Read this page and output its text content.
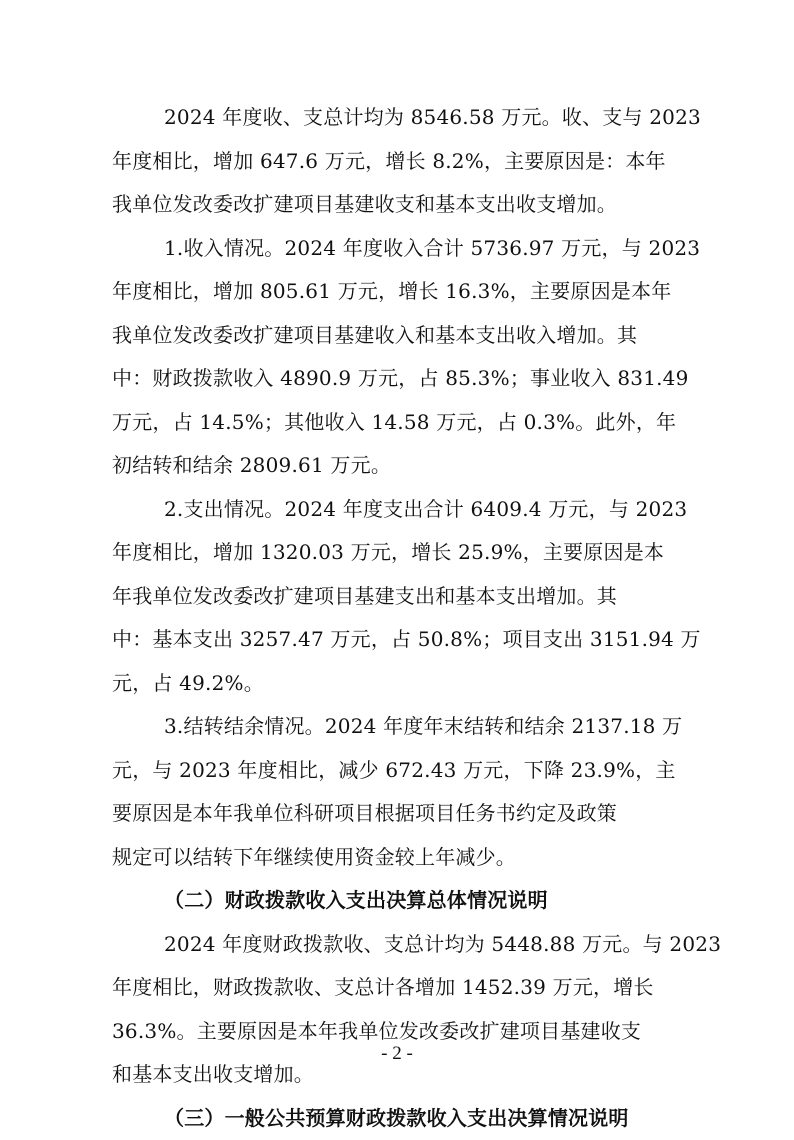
2024 年度收、支总计均为 8546.58 万元。收、支与 2023
年度相比，增加 647.6 万元，增长 8.2%，主要原因是：本年
我单位发改委改扩建项目基建收支和基本支出收支增加。
1.收入情况。2024 年度收入合计 5736.97 万元，与 2023
年度相比，增加 805.61 万元，增长 16.3%，主要原因是本年
我单位发改委改扩建项目基建收入和基本支出收入增加。其
中：财政拨款收入 4890.9 万元，占 85.3%；事业收入 831.49
万元，占 14.5%；其他收入 14.58 万元，占 0.3%。此外，年
初结转和结余 2809.61 万元。
2.支出情况。2024 年度支出合计 6409.4 万元，与 2023
年度相比，增加 1320.03 万元，增长 25.9%，主要原因是本
年我单位发改委改扩建项目基建支出和基本支出增加。其
中：基本支出 3257.47 万元，占 50.8%；项目支出 3151.94 万
元，占 49.2%。
3.结转结余情况。2024 年度年末结转和结余 2137.18 万
元，与 2023 年度相比，减少 672.43 万元，下降 23.9%，主
要原因是本年我单位科研项目根据项目任务书约定及政策
规定可以结转下年继续使用资金较上年减少。
（二）财政拨款收入支出决算总体情况说明
2024 年度财政拨款收、支总计均为 5448.88 万元。与 2023
年度相比，财政拨款收、支总计各增加 1452.39 万元，增长
36.3%。主要原因是本年我单位发改委改扩建项目基建收支
和基本支出收支增加。
（三）一般公共预算财政拨款收入支出决算情况说明
- 2 -
